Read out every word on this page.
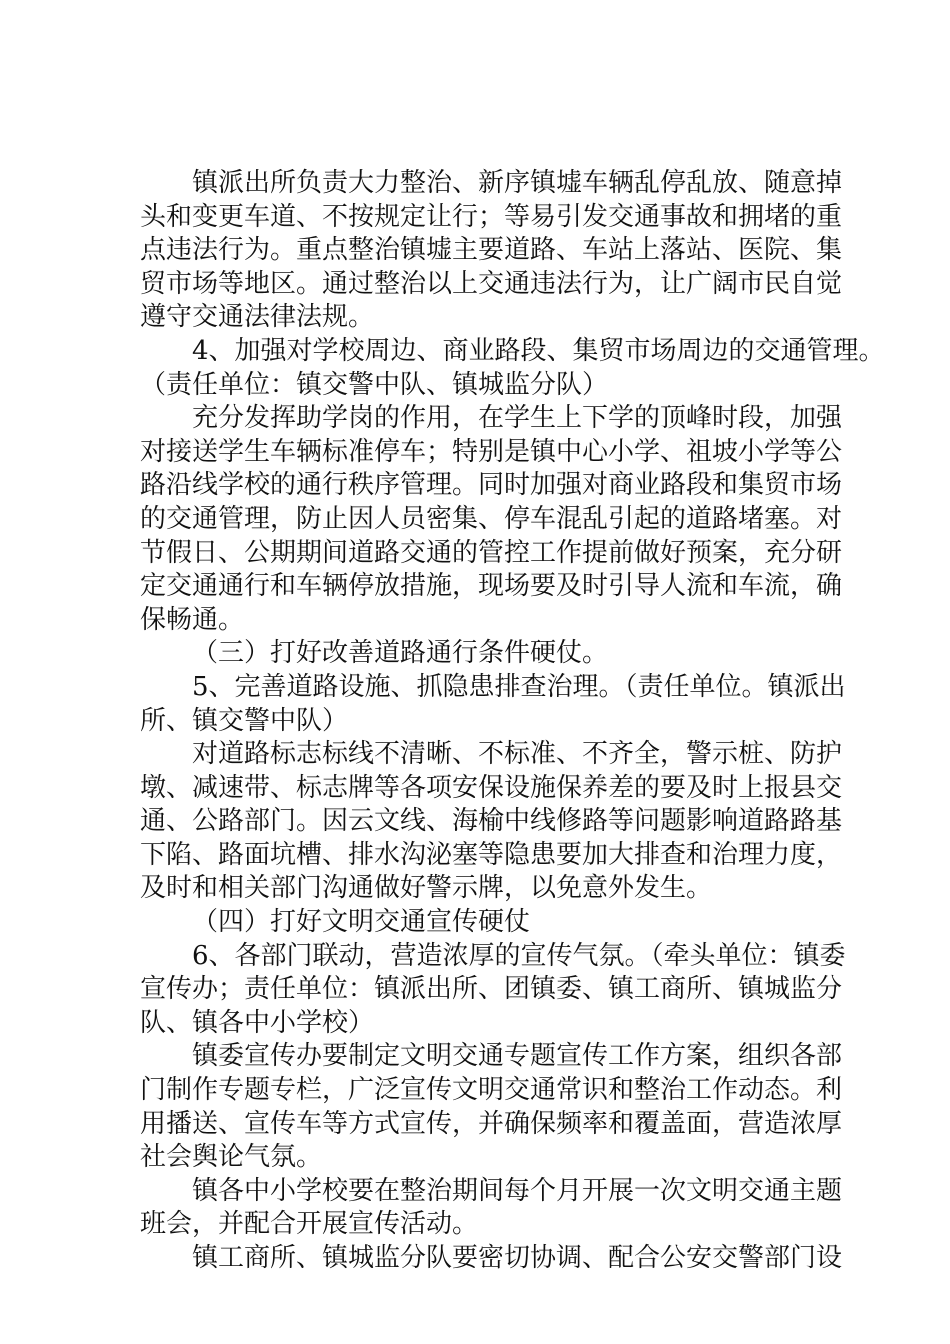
镇派出所负责大力整治、新序镇墟车辆乱停乱放、随意掉
头和变更车道、不按规定让行；等易引发交通事故和拥堵的重
点违法行为。重点整治镇墟主要道路、车站上落站、医院、集
贸市场等地区。通过整治以上交通违法行为，让广阔市民自觉
遵守交通法律法规。

4、加强对学校周边、商业路段、集贸市场周边的交通管理。
（责任单位：镇交警中队、镇城监分队）

充分发挥助学岗的作用，在学生上下学的顶峰时段，加强
对接送学生车辆标准停车；特别是镇中心小学、祖坡小学等公
路沿线学校的通行秩序管理。同时加强对商业路段和集贸市场
的交通管理，防止因人员密集、停车混乱引起的道路堵塞。对
节假日、公期期间道路交通的管控工作提前做好预案，充分研
定交通通行和车辆停放措施，现场要及时引导人流和车流，确
保畅通。

（三）打好改善道路通行条件硬仗。

5、完善道路设施、抓隐患排查治理。（责任单位。镇派出
所、镇交警中队）

对道路标志标线不清晰、不标准、不齐全，警示桩、防护
墩、减速带、标志牌等各项安保设施保养差的要及时上报县交
通、公路部门。因云文线、海榆中线修路等问题影响道路路基
下陷、路面坑槽、排水沟泌塞等隐患要加大排查和治理力度，
及时和相关部门沟通做好警示牌，以免意外发生。

（四）打好文明交通宣传硬仗

6、各部门联动，营造浓厚的宣传气氛。（牵头单位：镇委
宣传办；责任单位：镇派出所、团镇委、镇工商所、镇城监分
队、镇各中小学校）

镇委宣传办要制定文明交通专题宣传工作方案，组织各部
门制作专题专栏，广泛宣传文明交通常识和整治工作动态。利
用播送、宣传车等方式宣传，并确保频率和覆盖面，营造浓厚
社会舆论气氛。

镇各中小学校要在整治期间每个月开展一次文明交通主题
班会，并配合开展宣传活动。

镇工商所、镇城监分队要密切协调、配合公安交警部门设
